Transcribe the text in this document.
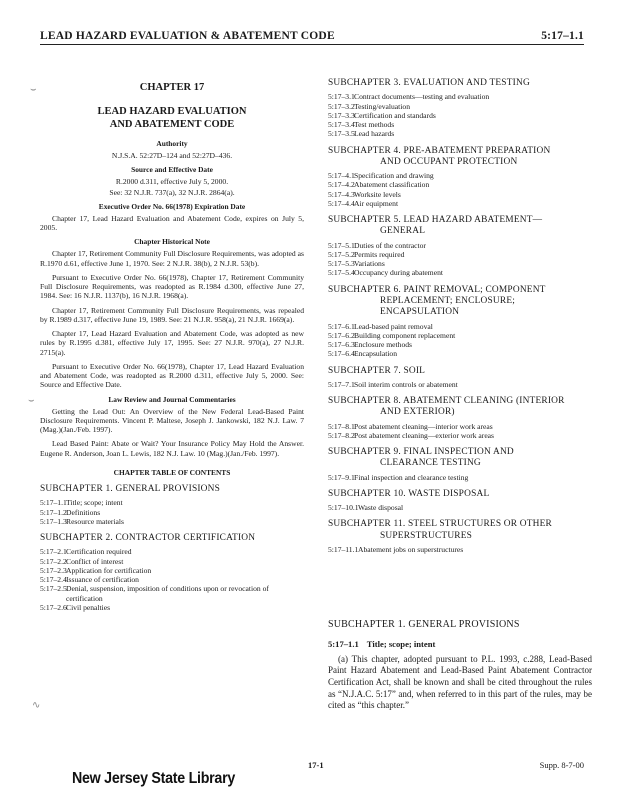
LEAD HAZARD EVALUATION & ABATEMENT CODE	5:17–1.1
⌣
⌣
∿
CHAPTER 17
LEAD HAZARD EVALUATION
AND ABATEMENT CODE
Authority
N.J.S.A. 52:27D–124 and 52:27D–436.
Source and Effective Date
R.2000 d.311, effective July 5, 2000.
See: 32 N.J.R. 737(a), 32 N.J.R. 2864(a).
Executive Order No. 66(1978) Expiration Date

Chapter 17, Lead Hazard Evaluation and Abatement Code, expires on July 5, 2005.

Chapter Historical Note

Chapter 17, Retirement Community Full Disclosure Requirements, was adopted as R.1970 d.61, effective June 1, 1970. See: 2 N.J.R. 38(b), 2 N.J.R. 53(b).

Pursuant to Executive Order No. 66(1978), Chapter 17, Retirement Community Full Disclosure Requirements, was readopted as R.1984 d.300, effective June 27, 1984. See: 16 N.J.R. 1137(b), 16 N.J.R. 1968(a).

Chapter 17, Retirement Community Full Disclosure Requirements, was repealed by R.1989 d.317, effective June 19, 1989. See: 21 N.J.R. 958(a), 21 N.J.R. 1669(a).

Chapter 17, Lead Hazard Evaluation and Abatement Code, was adopted as new rules by R.1995 d.381, effective July 17, 1995. See: 27 N.J.R. 970(a), 27 N.J.R. 2715(a).

Pursuant to Executive Order No. 66(1978), Chapter 17, Lead Hazard Evaluation and Abatement Code, was readopted as R.2000 d.311, effective July 5, 2000. See: Source and Effective Date.

Law Review and Journal Commentaries

Getting the Lead Out: An Overview of the New Federal Lead-Based Paint Disclosure Requirements. Vincent P. Maltese, Joseph J. Jankowski, 182 N.J. Law. 7 (Mag.)(Jan./Feb. 1997).

Lead Based Paint: Abate or Wait? Your Insurance Policy May Hold the Answer. Eugene R. Anderson, Joan L. Lewis, 182 N.J. Law. 10 (Mag.)(Jan./Feb. 1997).

CHAPTER TABLE OF CONTENTS
SUBCHAPTER 1. GENERAL PROVISIONS
5:17–1.1 Title; scope; intent
5:17–1.2 Definitions
5:17–1.3 Resource materials
SUBCHAPTER 2. CONTRACTOR CERTIFICATION
5:17–2.1 Certification required
5:17–2.2 Conflict of interest
5:17–2.3 Application for certification
5:17–2.4 Issuance of certification
5:17–2.5 Denial, suspension, imposition of conditions upon or revocation of certification
5:17–2.6 Civil penalties
SUBCHAPTER 3. EVALUATION AND TESTING
5:17–3.1 Contract documents—testing and evaluation
5:17–3.2 Testing/evaluation
5:17–3.3 Certification and standards
5:17–3.4 Test methods
5:17–3.5 Lead hazards
SUBCHAPTER 4. PRE-ABATEMENT PREPARATION
AND OCCUPANT PROTECTION
5:17–4.1 Specification and drawing
5:17–4.2 Abatement classification
5:17–4.3 Worksite levels
5:17–4.4 Air equipment
SUBCHAPTER 5. LEAD HAZARD ABATEMENT—
GENERAL
5:17–5.1 Duties of the contractor
5:17–5.2 Permits required
5:17–5.3 Variations
5:17–5.4 Occupancy during abatement
SUBCHAPTER 6. PAINT REMOVAL; COMPONENT
REPLACEMENT; ENCLOSURE; ENCAPSULATION
5:17–6.1 Lead-based paint removal
5:17–6.2 Building component replacement
5:17–6.3 Enclosure methods
5:17–6.4 Encapsulation
SUBCHAPTER 7. SOIL
5:17–7.1 Soil interim controls or abatement
SUBCHAPTER 8. ABATEMENT CLEANING (INTERIOR
AND EXTERIOR)
5:17–8.1 Post abatement cleaning—interior work areas
5:17–8.2 Post abatement cleaning—exterior work areas
SUBCHAPTER 9. FINAL INSPECTION AND
CLEARANCE TESTING
5:17–9.1 Final inspection and clearance testing
SUBCHAPTER 10. WASTE DISPOSAL
5:17–10.1 Waste disposal
SUBCHAPTER 11. STEEL STRUCTURES OR OTHER
SUPERSTRUCTURES
5:17–11.1 Abatement jobs on superstructures
SUBCHAPTER 1. GENERAL PROVISIONS
5:17–1.1 Title; scope; intent

(a) This chapter, adopted pursuant to P.L. 1993, c.288, Lead-Based Paint Hazard Abatement and Lead-Based Paint Abatement Contractor Certification Act, shall be known and shall be cited throughout the rules as “N.J.A.C. 5:17” and, when referred to in this part of the rules, may be cited as “this chapter.”

17-1	Supp. 8-7-00
New Jersey State Library
